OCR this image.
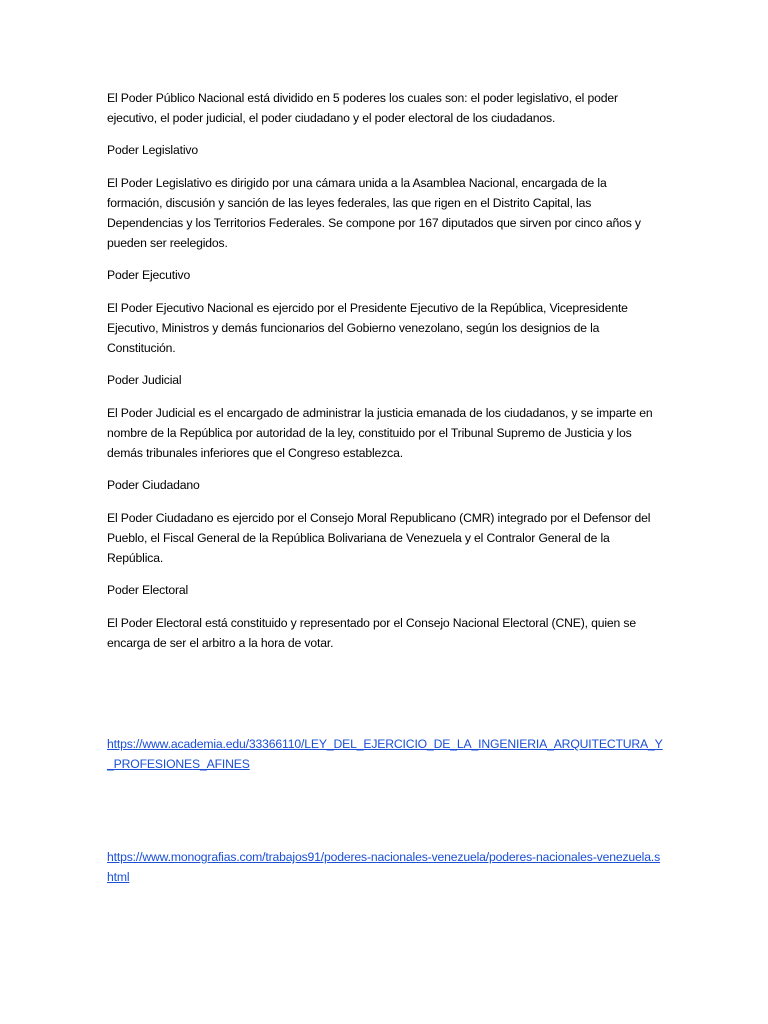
El Poder Público Nacional está dividido en 5 poderes los cuales son: el poder legislativo, el poder ejecutivo, el poder judicial, el poder ciudadano y el poder electoral de los ciudadanos.

Poder Legislativo

El Poder Legislativo es dirigido por una cámara unida a la Asamblea Nacional, encargada de la formación, discusión y sanción de las leyes federales, las que rigen en el Distrito Capital, las Dependencias y los Territorios Federales. Se compone por 167 diputados que sirven por cinco años y pueden ser reelegidos.

Poder Ejecutivo

El Poder Ejecutivo Nacional es ejercido por el Presidente Ejecutivo de la República, Vicepresidente Ejecutivo, Ministros y demás funcionarios del Gobierno venezolano, según los designios de la Constitución.

Poder Judicial

El Poder Judicial es el encargado de administrar la justicia emanada de los ciudadanos, y se imparte en nombre de la República por autoridad de la ley, constituido por el Tribunal Supremo de Justicia y los demás tribunales inferiores que el Congreso establezca.

Poder Ciudadano

El Poder Ciudadano es ejercido por el Consejo Moral Republicano (CMR) integrado por el Defensor del Pueblo, el Fiscal General de la República Bolivariana de Venezuela y el Contralor General de la República.

Poder Electoral

El Poder Electoral está constituido y representado por el Consejo Nacional Electoral (CNE), quien se encarga de ser el arbitro a la hora de votar.

https://www.academia.edu/33366110/LEY_DEL_EJERCICIO_DE_LA_INGENIERIA_ARQUITECTURA_Y_PROFESIONES_AFINES
https://www.monografias.com/trabajos91/poderes-nacionales-venezuela/poderes-nacionales-venezuela.shtml
